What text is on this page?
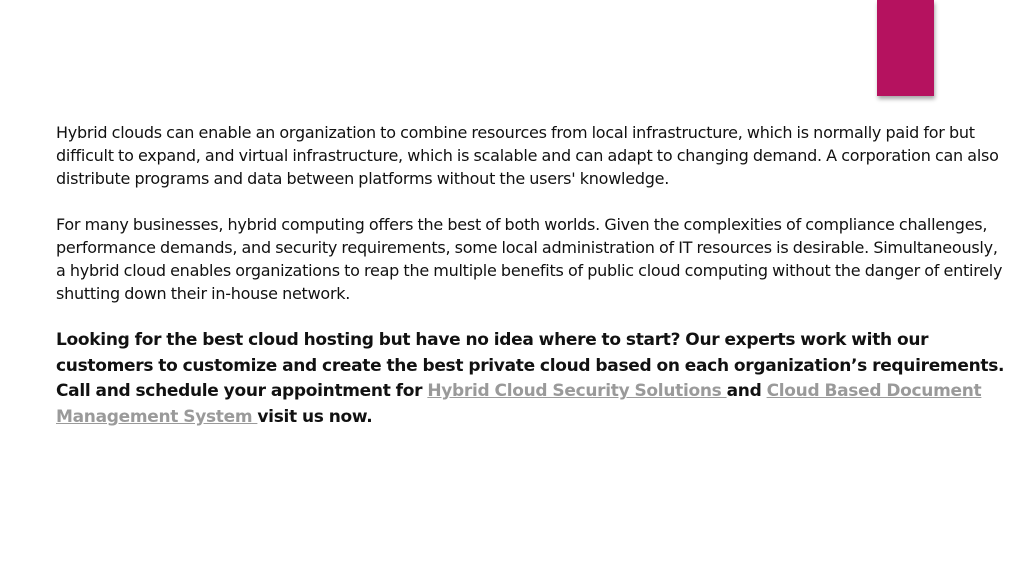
Hybrid clouds can enable an organization to combine resources from local infrastructure, which is normally paid for but difficult to expand, and virtual infrastructure, which is scalable and can adapt to changing demand. A corporation can also distribute programs and data between platforms without the users' knowledge.

For many businesses, hybrid computing offers the best of both worlds. Given the complexities of compliance challenges, performance demands, and security requirements, some local administration of IT resources is desirable. Simultaneously, a hybrid cloud enables organizations to reap the multiple benefits of public cloud computing without the danger of entirely shutting down their in-house network.

Looking for the best cloud hosting but have no idea where to start? Our experts work with our customers to customize and create the best private cloud based on each organization’s requirements. Call and schedule your appointment for Hybrid Cloud Security Solutions and Cloud Based Document Management System visit us now.
